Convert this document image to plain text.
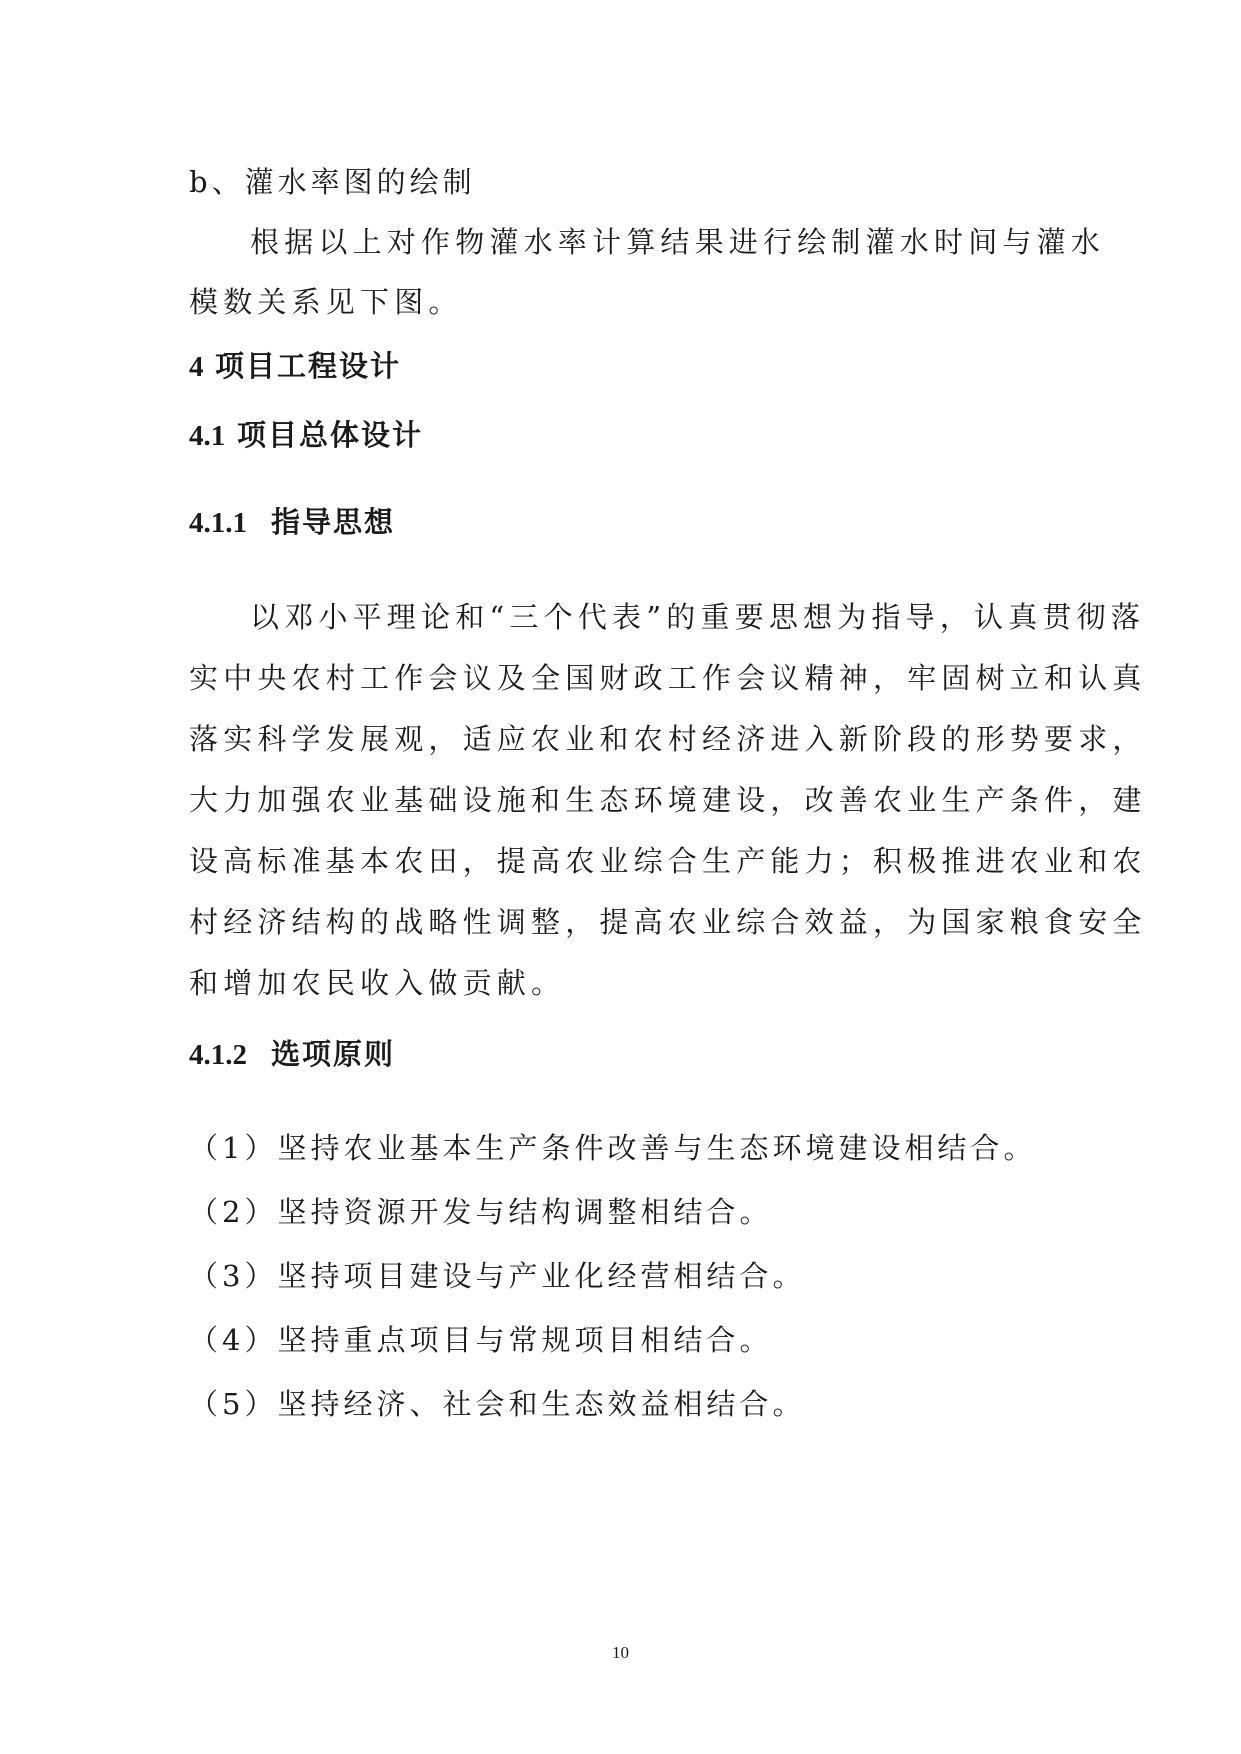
b、灌水率图的绘制
根据以上对作物灌水率计算结果进行绘制灌水时间与灌水
模数关系见下图。
4 项目工程设计
4.1 项目总体设计
4.1.1 指导思想
以邓小平理论和“三个代表”的重要思想为指导，认真贯彻落
实中央农村工作会议及全国财政工作会议精神，牢固树立和认真
落实科学发展观，适应农业和农村经济进入新阶段的形势要求，
大力加强农业基础设施和生态环境建设，改善农业生产条件，建
设高标准基本农田，提高农业综合生产能力；积极推进农业和农
村经济结构的战略性调整，提高农业综合效益，为国家粮食安全
和增加农民收入做贡献。
4.1.2 选项原则
（1）坚持农业基本生产条件改善与生态环境建设相结合。
（2）坚持资源开发与结构调整相结合。
（3）坚持项目建设与产业化经营相结合。
（4）坚持重点项目与常规项目相结合。
（5）坚持经济、社会和生态效益相结合。
10
